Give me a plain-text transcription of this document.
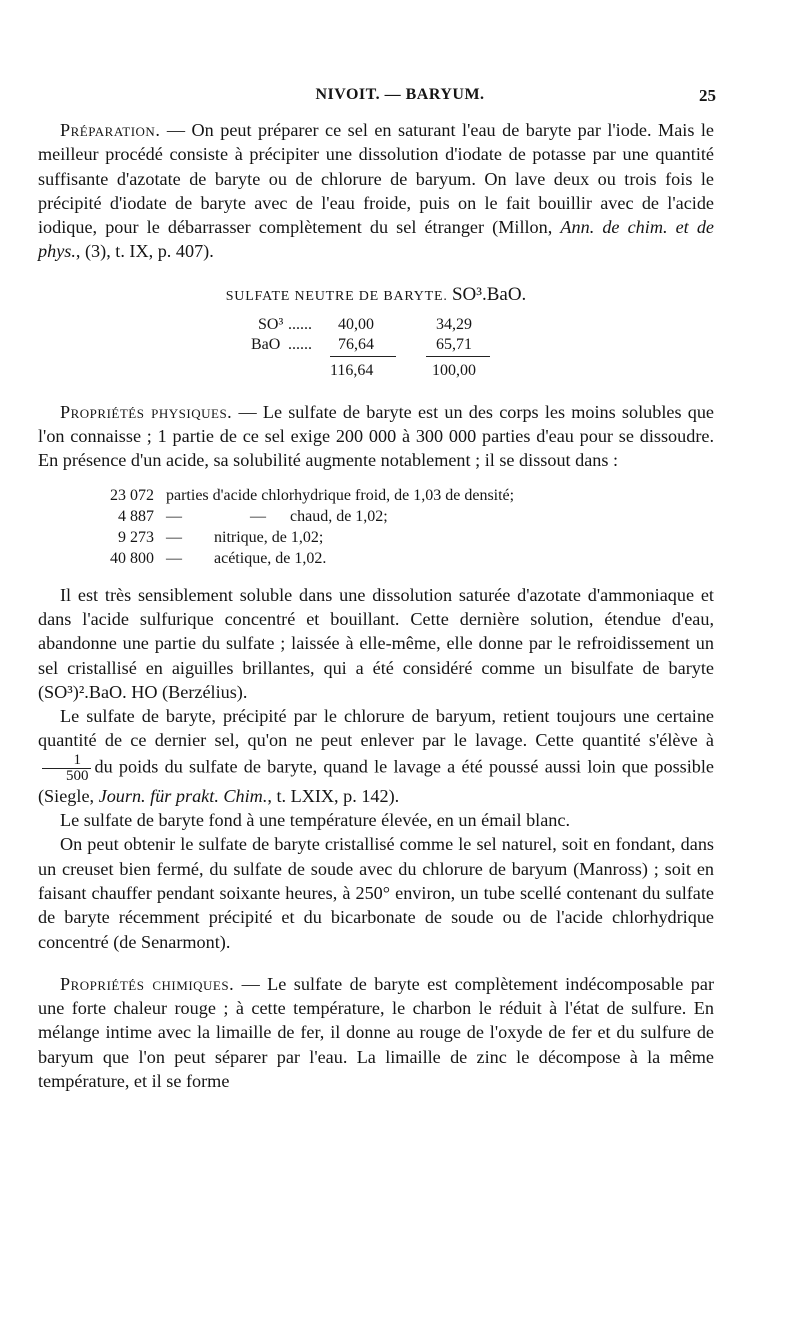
NIVOIT. — BARYUM.	25

Préparation. — On peut préparer ce sel en saturant l'eau de baryte par l'iode. Mais le meilleur procédé consiste à précipiter une dissolution d'iodate de potasse par une quantité suffisante d'azotate de baryte ou de chlorure de baryum. On lave deux ou trois fois le précipité d'iodate de baryte avec de l'eau froide, puis on le fait bouillir avec de l'acide iodique, pour le débarrasser complètement du sel étranger (Millon, Ann. de chim. et de phys., (3), t. IX, p. 407).

SULFATE NEUTRE DE BARYTE. SO³.BaO.
SO³ ...... 40,00	34,29
BaO ...... 76,64	65,71
116,64	100,00

Propriétés physiques. — Le sulfate de baryte est un des corps les moins solubles que l'on connaisse ; 1 partie de ce sel exige 200 000 à 300 000 parties d'eau pour se dissoudre. En présence d'un acide, sa solubilité augmente notablement ; il se dissout dans :

23 072 parties d'acide chlorhydrique froid, de 1,03 de densité;
4 887 —                 —      chaud, de 1,02;
9 273 —        nitrique, de 1,02;
40 800 —        acétique, de 1,02.

Il est très sensiblement soluble dans une dissolution saturée d'azotate d'ammoniaque et dans l'acide sulfurique concentré et bouillant. Cette dernière solution, étendue d'eau, abandonne une partie du sulfate ; laissée à elle-même, elle donne par le refroidissement un sel cristallisé en aiguilles brillantes, qui a été considéré comme un bisulfate de baryte (SO³)².BaO. HO (Berzélius).

Le sulfate de baryte, précipité par le chlorure de baryum, retient toujours une certaine quantité de ce dernier sel, qu'on ne peut enlever par le lavage. Cette quantité s'élève à
$\frac{1}{500}$ du poids du sulfate de baryte, quand le lavage a été poussé aussi loin que possible (Siegle, Journ. für prakt. Chim., t. LXIX, p. 142).

Le sulfate de baryte fond à une température élevée, en un émail blanc.

On peut obtenir le sulfate de baryte cristallisé comme le sel naturel, soit en fondant, dans un creuset bien fermé, du sulfate de soude avec du chlorure de baryum (Manross) ; soit en faisant chauffer pendant soixante heures, à 250° environ, un tube scellé contenant du sulfate de baryte récemment précipité et du bicarbonate de soude ou de l'acide chlorhydrique concentré (de Senarmont).

Propriétés chimiques. — Le sulfate de baryte est complètement indécomposable par une forte chaleur rouge ; à cette température, le charbon le réduit à l'état de sulfure. En mélange intime avec la limaille de fer, il donne au rouge de l'oxyde de fer et du sulfure de baryum que l'on peut séparer par l'eau. La limaille de zinc le décompose à la même température, et il se forme
